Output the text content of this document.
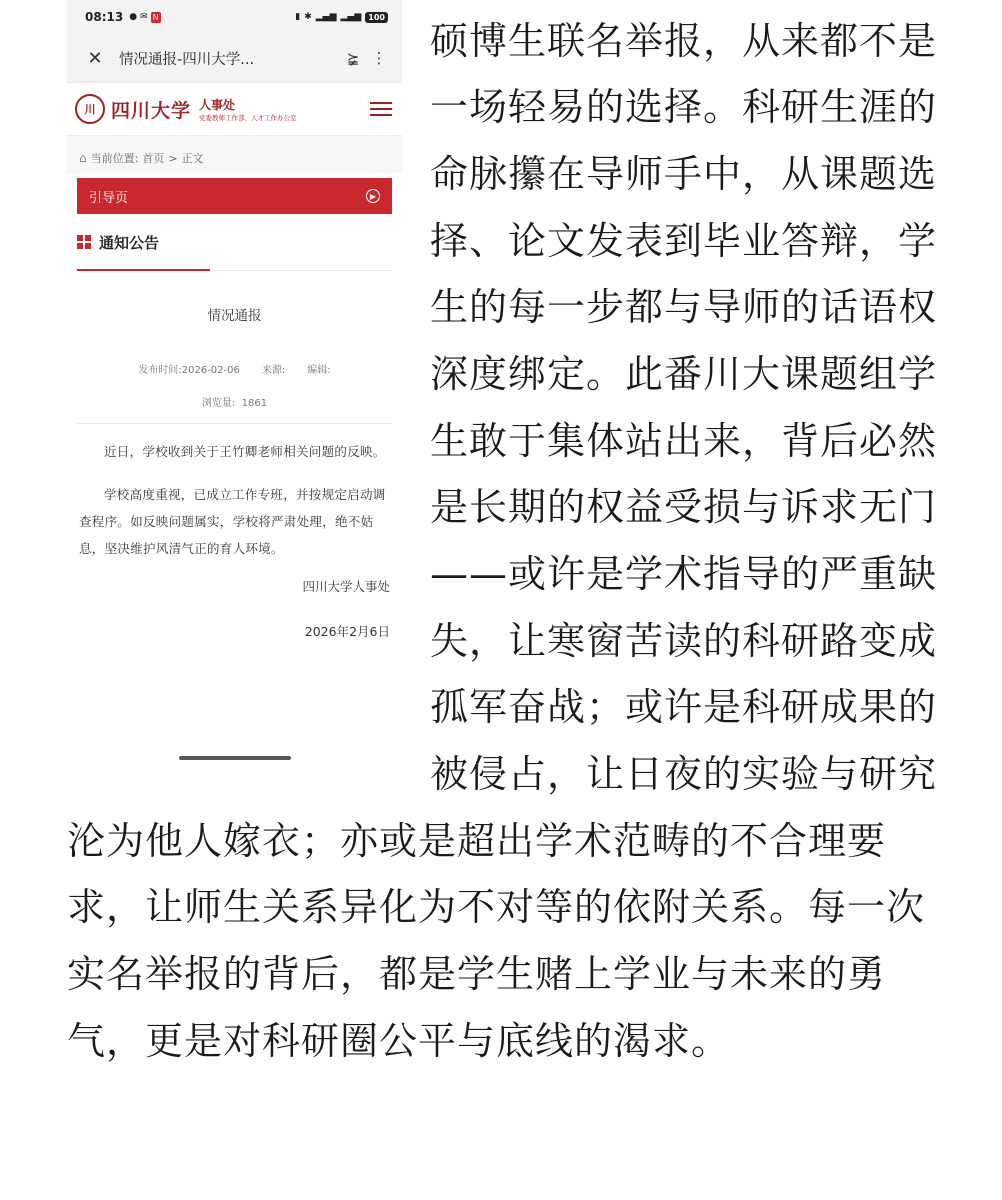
08:13 ● ✉ N	▮ ✱ ▂▄▆ ▂▄▆ 100
✕	情况通报-四川大学...	⪶ ⋮
川 四川大学 人事处
党委教师工作部、人才工作办公室
⌂ 当前位置: 首页 > 正文
引导页	▶
通知公告
情况通报
发布时间:2026-02-06 来源: 编辑:
浏览量: 1861

近日，学校收到关于王竹卿老师相关问题的反映。

学校高度重视，已成立工作专班，并按规定启动调查程序。如反映问题属实，学校将严肃处理，绝不姑息，坚决维护风清气正的育人环境。

四川大学人事处
2026年2月6日
硕博生联名举报，从来都不是
一场轻易的选择。科研生涯的
命脉攥在导师手中，从课题选
择、论文发表到毕业答辩，学
生的每一步都与导师的话语权
深度绑定。此番川大课题组学
生敢于集体站出来，背后必然
是长期的权益受损与诉求无门
——或许是学术指导的严重缺
失，让寒窗苦读的科研路变成
孤军奋战；或许是科研成果的
被侵占，让日夜的实验与研究
沦为他人嫁衣；亦或是超出学术范畴的不合理要
求，让师生关系异化为不对等的依附关系。每一次
实名举报的背后，都是学生赌上学业与未来的勇
气，更是对科研圈公平与底线的渴求。
